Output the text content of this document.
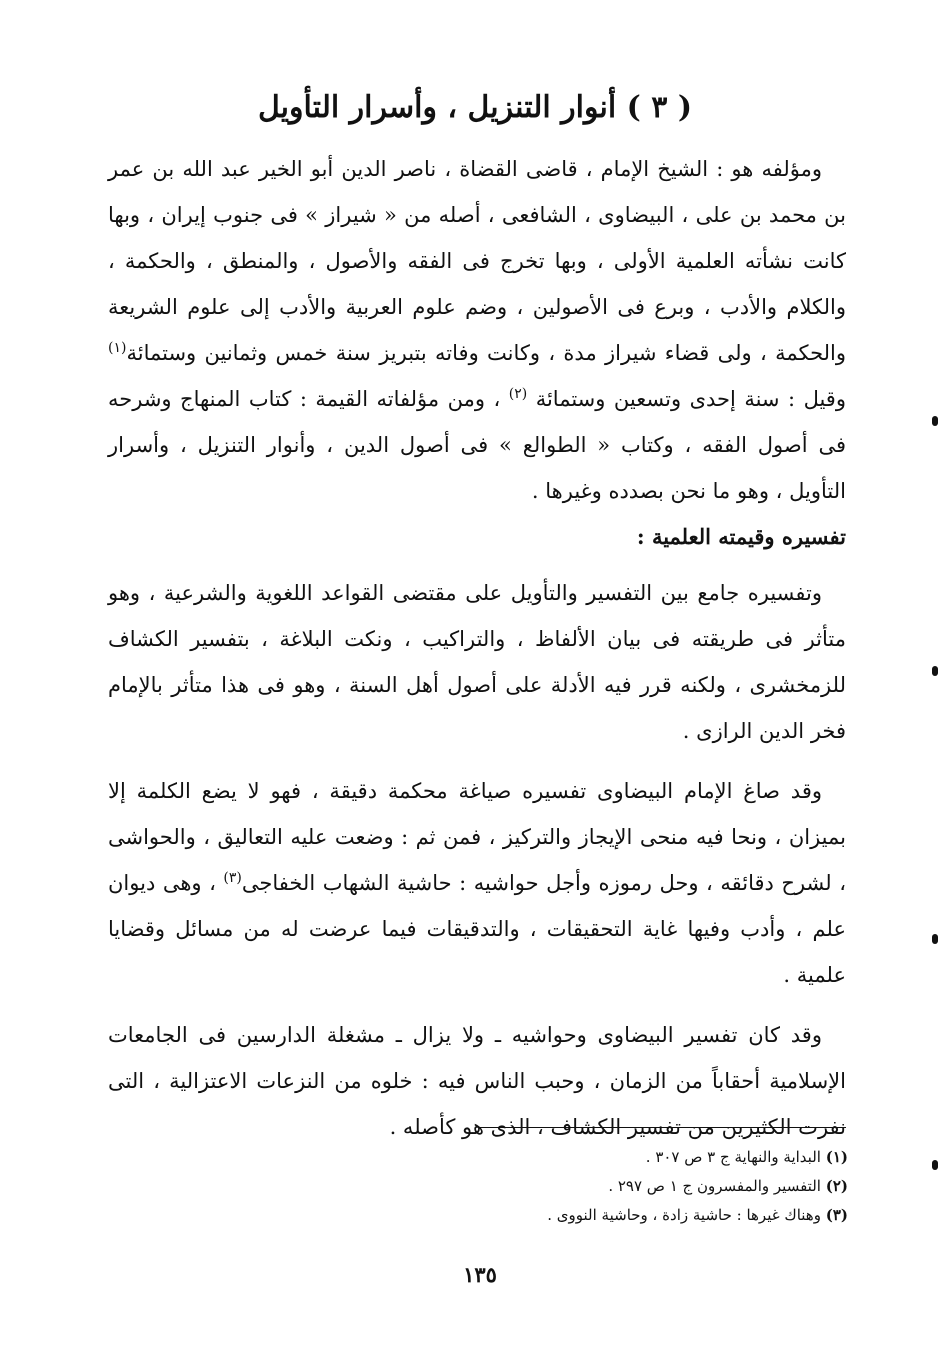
( ٣ ) أنوار التنزيل ، وأسرار التأويل

ومؤلفه هو : الشيخ الإمام ، قاضى القضاة ، ناصر الدين أبو الخير عبد الله بن عمر بن محمد بن على ، البيضاوى ، الشافعى ، أصله من « شيراز » فى جنوب إيران ، وبها كانت نشأته العلمية الأولى ، وبها تخرج فى الفقه والأصول ، والمنطق ، والحكمة ، والكلام والأدب ، وبرع فى الأصولين ، وضم علوم العربية والأدب إلى علوم الشريعة والحكمة ، ولى قضاء شيراز مدة ، وكانت وفاته بتبريز سنة خمس وثمانين وستمائة$^{(١)}$ وقيل : سنة إحدى وتسعين وستمائة $^{(٢)}$ ، ومن مؤلفاته القيمة : كتاب المنهاج وشرحه فى أصول الفقه ، وكتاب « الطوالع » فى أصول الدين ، وأنوار التنزيل ، وأسرار التأويل ، وهو ما نحن بصدده وغيرها .

تفسيره وقيمته العلمية :

وتفسيره جامع بين التفسير والتأويل على مقتضى القواعد اللغوية والشرعية ، وهو متأثر فى طريقته فى بيان الألفاظ ، والتراكيب ، ونكت البلاغة ، بتفسير الكشاف للزمخشرى ، ولكنه قرر فيه الأدلة على أصول أهل السنة ، وهو فى هذا متأثر بالإمام فخر الدين الرازى .

وقد صاغ الإمام البيضاوى تفسيره صياغة محكمة دقيقة ، فهو لا يضع الكلمة إلا بميزان ، ونحا فيه منحى الإيجاز والتركيز ، فمن ثم : وضعت عليه التعاليق ، والحواشى ، لشرح دقائقه ، وحل رموزه وأجل حواشيه : حاشية الشهاب الخفاجى$^{(٣)}$ ، وهى ديوان علم ، وأدب وفيها غاية التحقيقات ، والتدقيقات فيما عرضت له من مسائل وقضايا علمية .

وقد كان تفسير البيضاوى وحواشيه ـ ولا يزال ـ مشغلة الدارسين فى الجامعات الإسلامية أحقاباً من الزمان ، وحبب الناس فيه : خلوه من النزعات الاعتزالية ، التى نفرت الكثيرين من تفسير الكشاف ، الذى هو كأصله .

(١) البداية والنهاية ج ٣ ص ٣٠٧ .

(٢) التفسير والمفسرون ج ١ ص ٢٩٧ .

(٣) وهناك غيرها : حاشية زادة ، وحاشية النووى .

١٣٥
